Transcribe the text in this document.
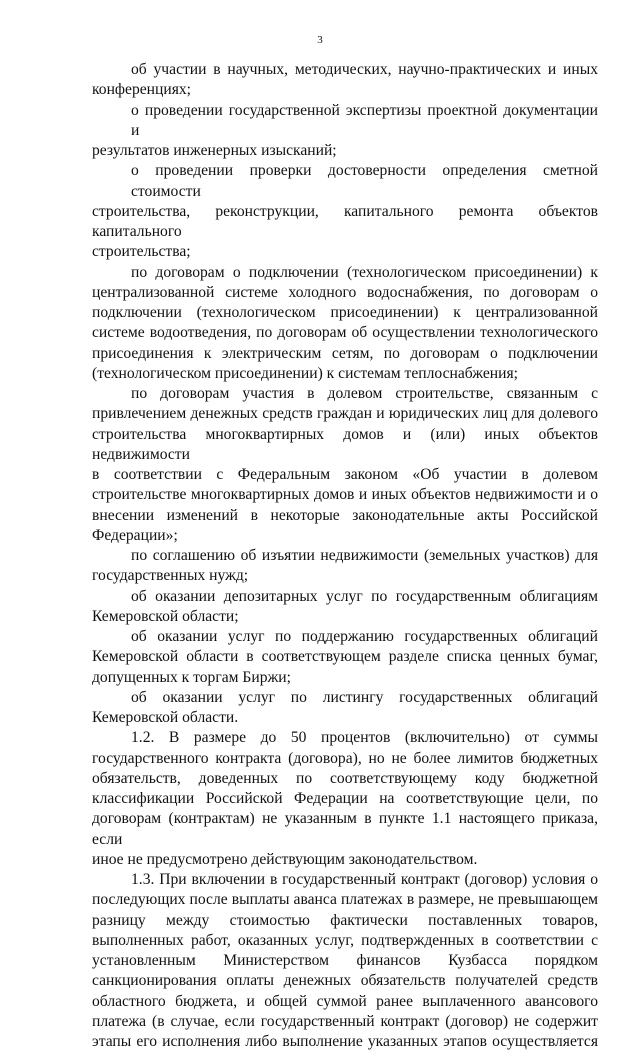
3
об участии в научных, методических, научно-практических и иных
конференциях;
о проведении государственной экспертизы проектной документации и
результатов инженерных изысканий;
о проведении проверки достоверности определения сметной стоимости
строительства, реконструкции, капитального ремонта объектов капитального
строительства;
по договорам о подключении (технологическом присоединении) к
централизованной системе холодного водоснабжения, по договорам о
подключении (технологическом присоединении) к централизованной
системе водоотведения, по договорам об осуществлении технологического
присоединения к электрическим сетям, по договорам о подключении
(технологическом присоединении) к системам теплоснабжения;
по договорам участия в долевом строительстве, связанным с
привлечением денежных средств граждан и юридических лиц для долевого
строительства многоквартирных домов и (или) иных объектов недвижимости
в соответствии с Федеральным законом «Об участии в долевом
строительстве многоквартирных домов и иных объектов недвижимости и о
внесении изменений в некоторые законодательные акты Российской
Федерации»;
по соглашению об изъятии недвижимости (земельных участков) для
государственных нужд;
об оказании депозитарных услуг по государственным облигациям
Кемеровской области;
об оказании услуг по поддержанию государственных облигаций
Кемеровской области в соответствующем разделе списка ценных бумаг,
допущенных к торгам Биржи;
об оказании услуг по листингу государственных облигаций
Кемеровской области.
1.2. В размере до 50 процентов (включительно) от суммы
государственного контракта (договора), но не более лимитов бюджетных
обязательств, доведенных по соответствующему коду бюджетной
классификации Российской Федерации на соответствующие цели, по
договорам (контрактам) не указанным в пункте 1.1 настоящего приказа, если
иное не предусмотрено действующим законодательством.
1.3. При включении в государственный контракт (договор) условия о
последующих после выплаты аванса платежах в размере, не превышающем
разницу между стоимостью фактически поставленных товаров,
выполненных работ, оказанных услуг, подтвержденных в соответствии с
установленным Министерством финансов Кузбасса порядком
санкционирования оплаты денежных обязательств получателей средств
областного бюджета, и общей суммой ранее выплаченного авансового
платежа (в случае, если государственный контракт (договор) не содержит
этапы его исполнения либо выполнение указанных этапов осуществляется
